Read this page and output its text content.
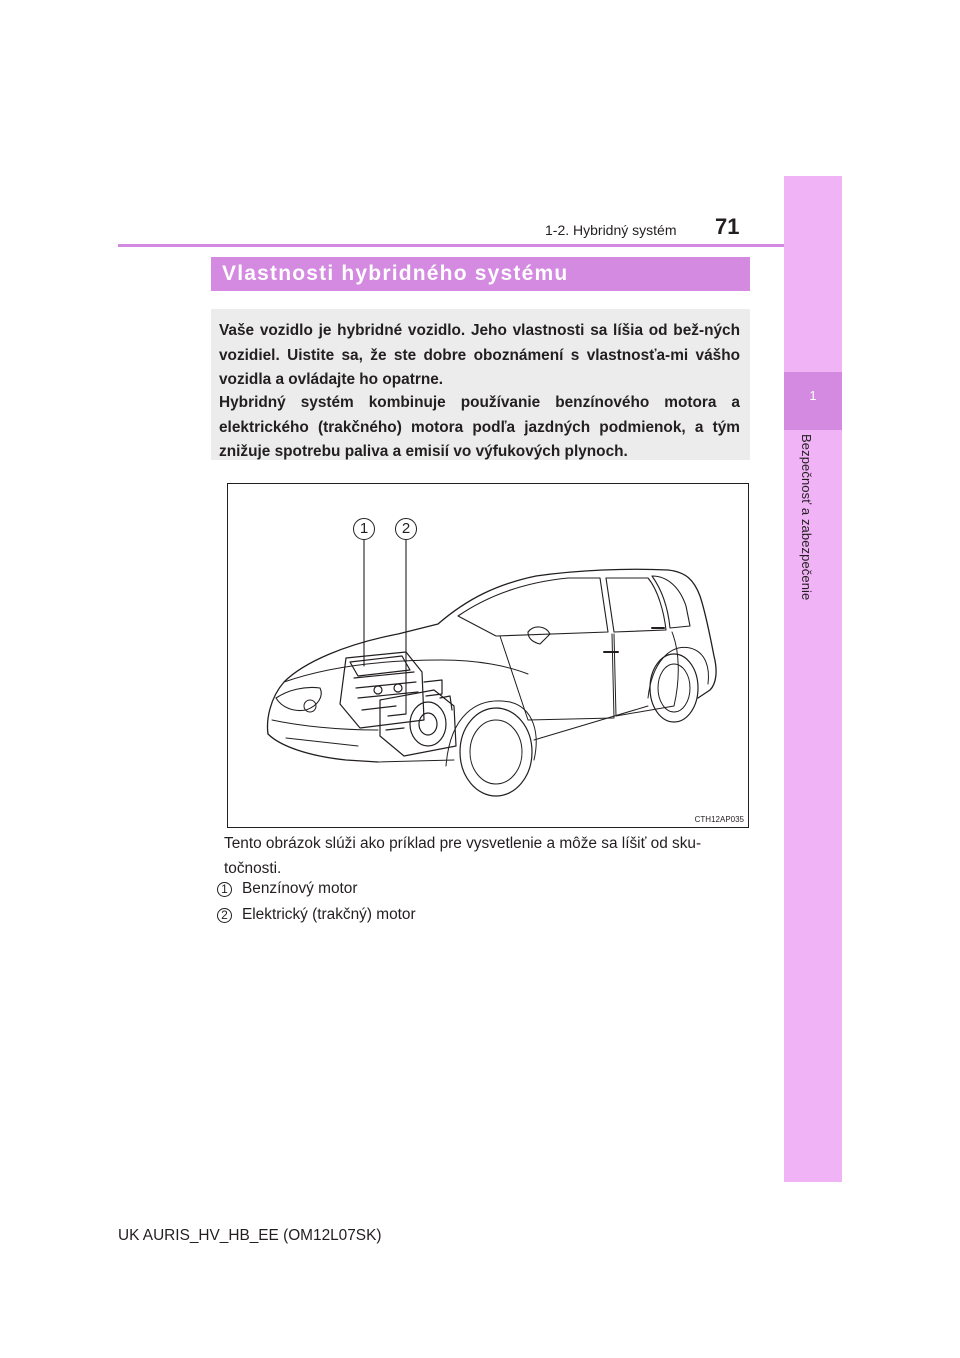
1
Bezpečnosť a zabezpečenie
1-2. Hybridný systém 71
Vlastnosti hybridného systému

Vaše vozidlo je hybridné vozidlo. Jeho vlastnosti sa líšia od bež-ných vozidiel. Uistite sa, že ste dobre oboznámení s vlastnosťa-mi vášho vozidla a ovládajte ho opatrne.

Hybridný systém kombinuje používanie benzínového motora a elektrického (trakčného) motora podľa jazdných podmienok, a tým znižuje spotrebu paliva a emisií vo výfukových plynoch.

1	2
CTH12AP035
Tento obrázok slúži ako príklad pre vysvetlenie a môže sa líšiť od sku-točnosti.
1 Benzínový motor
2 Elektrický (trakčný) motor
UK AURIS_HV_HB_EE (OM12L07SK)
